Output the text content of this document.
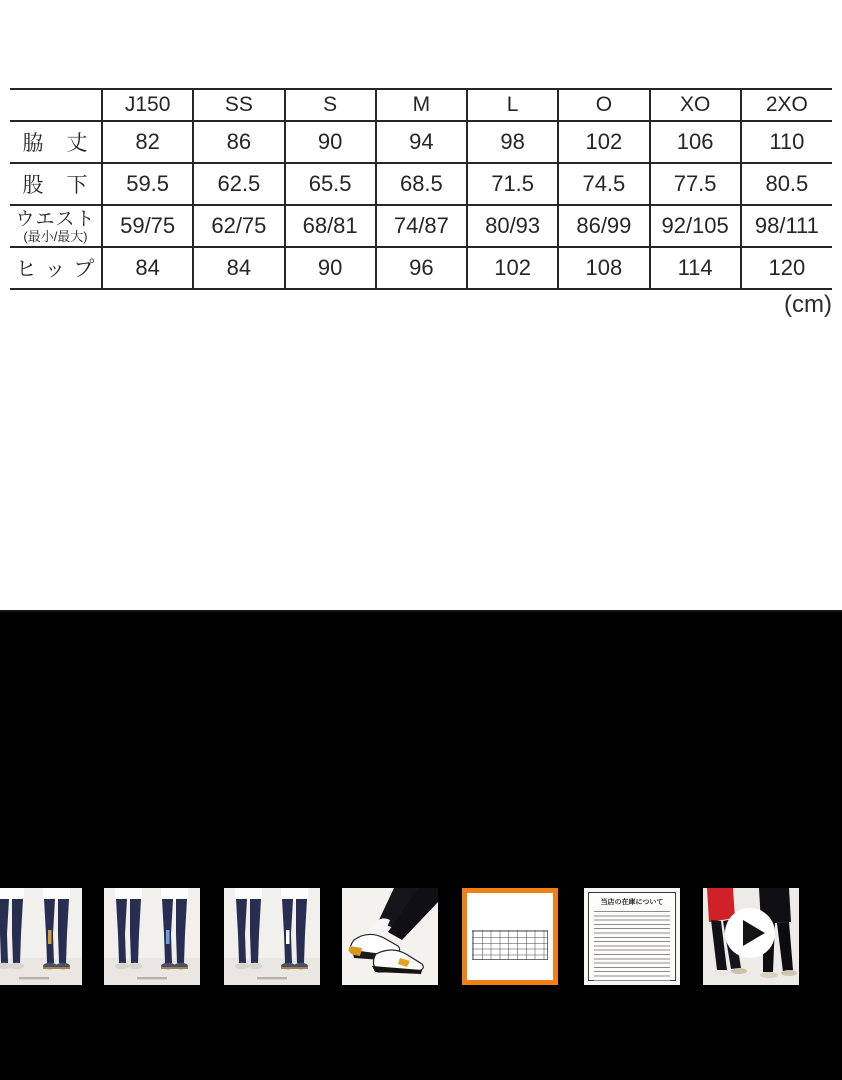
	J150	SS	S	M	L	O	XO	2XO
脇　丈	82	86	90	94	98	102	106	110
股　下	59.5	62.5	65.5	68.5	71.5	74.5	77.5	80.5

ウエスト
(最小/最大)	59/75	62/75	68/81	74/87	80/93	86/99	92/105	98/111
ヒ ッ プ	84	84	90	96	102	108	114	120
(cm)
当店の在庫について
